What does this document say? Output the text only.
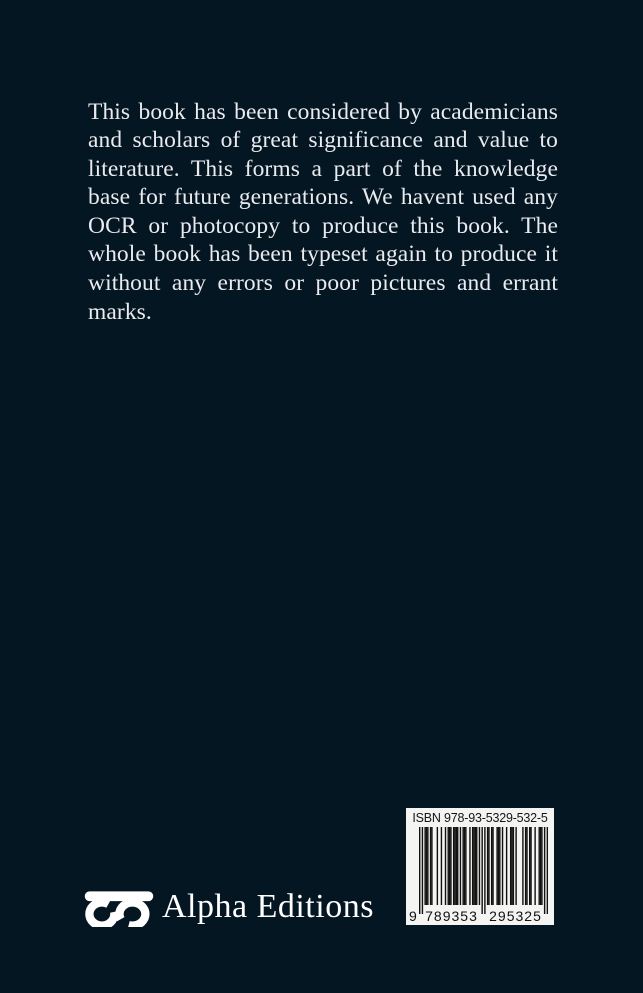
This book has been considered by academicians and scholars of great significance and value to literature. This forms a part of the knowledge base for future generations. We havent used any OCR or photocopy to produce this book. The whole book has been typeset again to produce it without any errors or poor pictures and errant marks.

Alpha Editions
ISBN 978-93-5329-532-5
9 789353 295325
